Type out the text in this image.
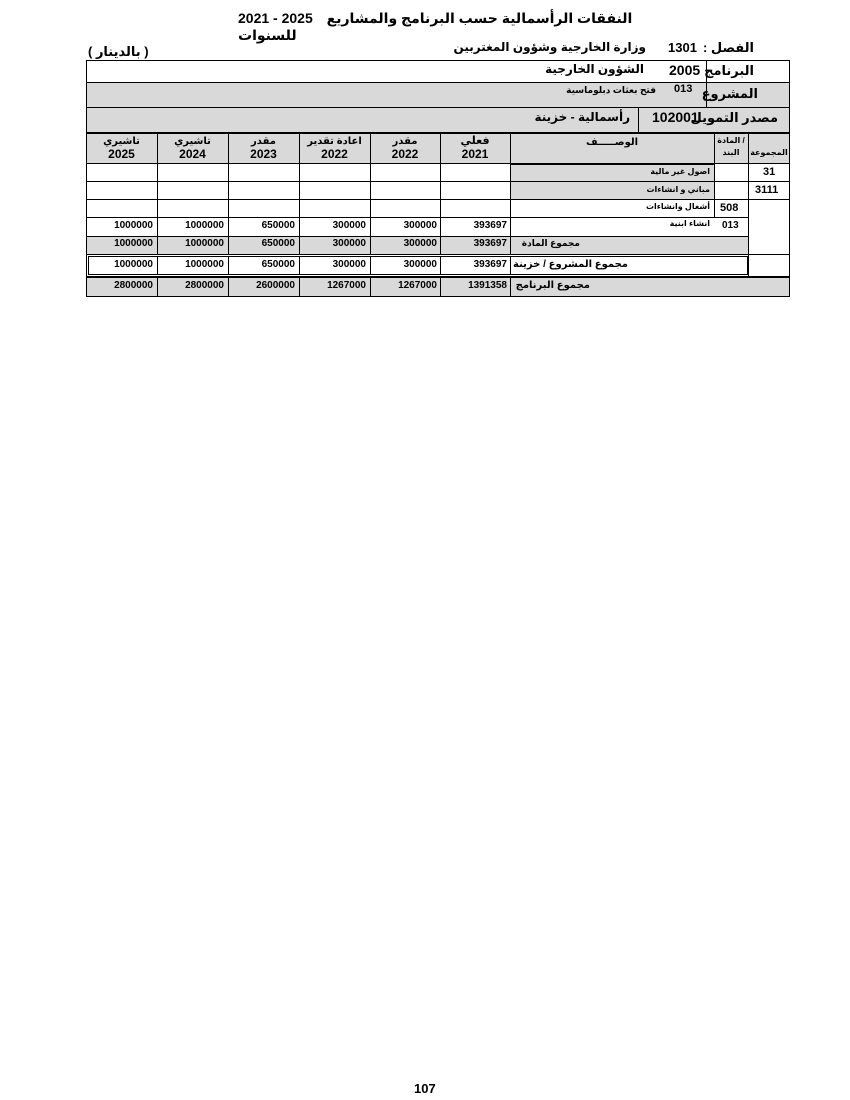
2021 - 2025 النفقات الرأسمالية حسب البرنامج والمشاريع للسنوات
الفصل :
1301
وزارة الخارجية وشؤون المغتربين
( بالدينار )
البرنامج
2005
الشؤون الخارجية
المشروع
013
فتح بعثات دبلوماسية
مصدر التمويل
102001
رأسمالية - خزينة
تاشيري
2025
تاشيري
2024
مقدر
2023
اعادة تقدير
2022
مقدر
2022
فعلي
2021
الوصـــــف	المادة /
البند	المجموعة
31
اصول غير مالية
3111
مباني و انشاءات
508
أشغال وانشاءات
013
انشاء ابنية
393697
300000
300000
650000
1000000
1000000
مجموع المادة
393697
300000
300000
650000
1000000
1000000
مجموع المشروع / خزينة
393697
300000
300000
650000
1000000
1000000
مجموع البرنامج
1391358
1267000
1267000
2600000
2800000
2800000
107
